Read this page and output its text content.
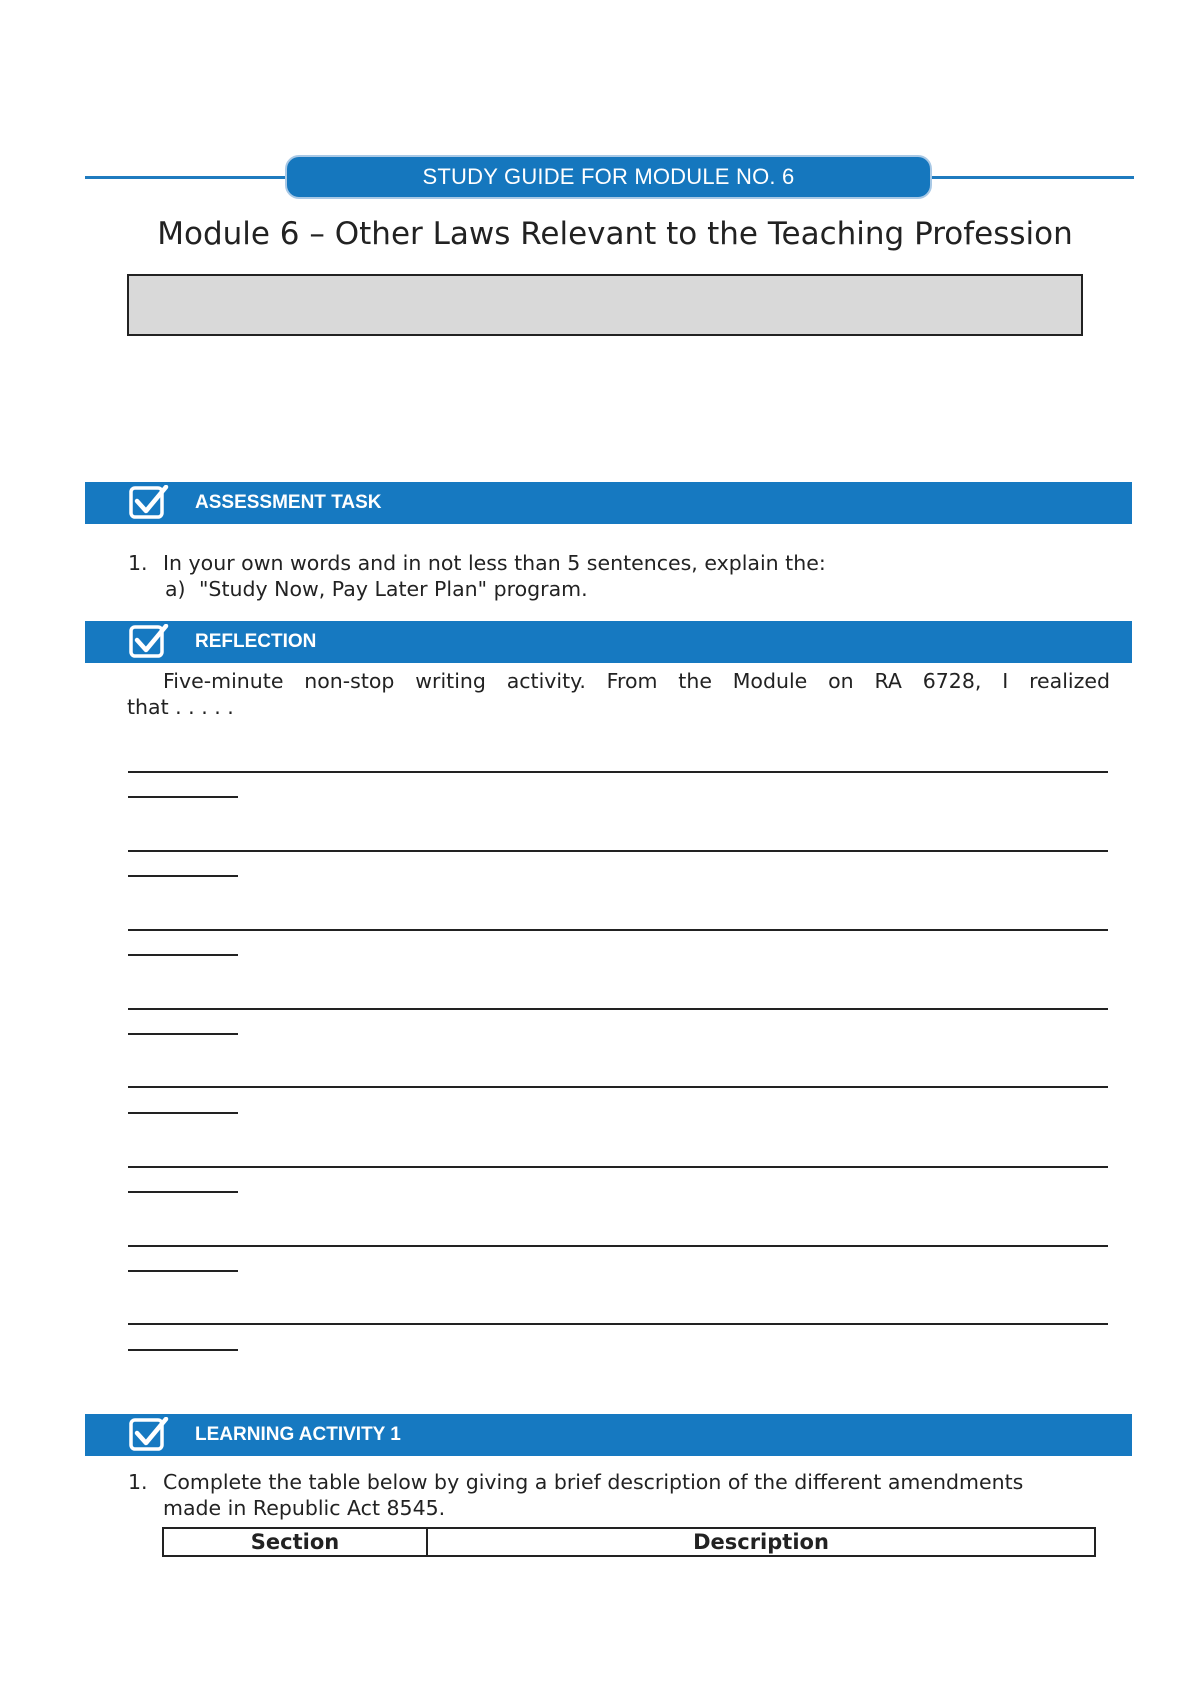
STUDY GUIDE FOR MODULE NO. 6
Module 6 – Other Laws Relevant to the Teaching Profession
ASSESSMENT TASK
1. In your own words and in not less than 5 sentences, explain the:
a) "Study Now, Pay Later Plan" program.
REFLECTION
Five-minute non-stop writing activity. From the Module on RA 6728, I realized
that . . . . .
LEARNING ACTIVITY 1
1. Complete the table below by giving a brief description of the different amendments
made in Republic Act 8545.
Section	Description
